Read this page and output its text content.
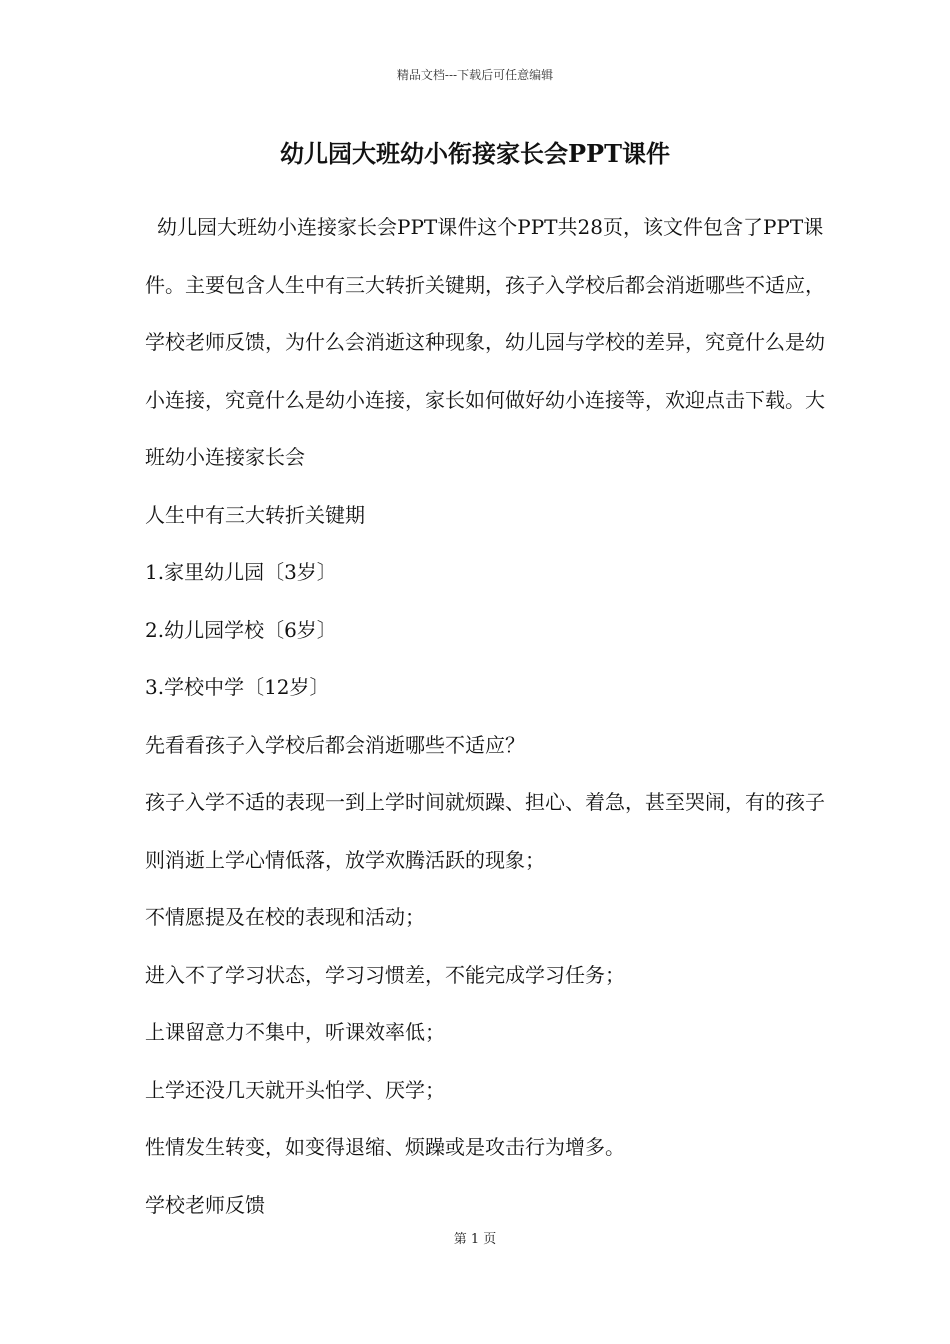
精品文档---下载后可任意编辑
幼儿园大班幼小衔接家长会PPT课件

幼儿园大班幼小连接家长会PPT课件这个PPT共28页，该文件包含了PPT课件。主要包含人生中有三大转折关键期，孩子入学校后都会消逝哪些不适应，学校老师反馈，为什么会消逝这种现象，幼儿园与学校的差异，究竟什么是幼小连接，究竟什么是幼小连接，家长如何做好幼小连接等，欢迎点击下载。大班幼小连接家长会

人生中有三大转折关键期

1.家里幼儿园〔3岁〕

2.幼儿园学校〔6岁〕

3.学校中学〔12岁〕

先看看孩子入学校后都会消逝哪些不适应？

孩子入学不适的表现一到上学时间就烦躁、担心、着急，甚至哭闹，有的孩子则消逝上学心情低落，放学欢腾活跃的现象；

不情愿提及在校的表现和活动；

进入不了学习状态，学习习惯差，不能完成学习任务；

上课留意力不集中，听课效率低；

上学还没几天就开头怕学、厌学；

性情发生转变，如变得退缩、烦躁或是攻击行为增多。

学校老师反馈

第 1 页
